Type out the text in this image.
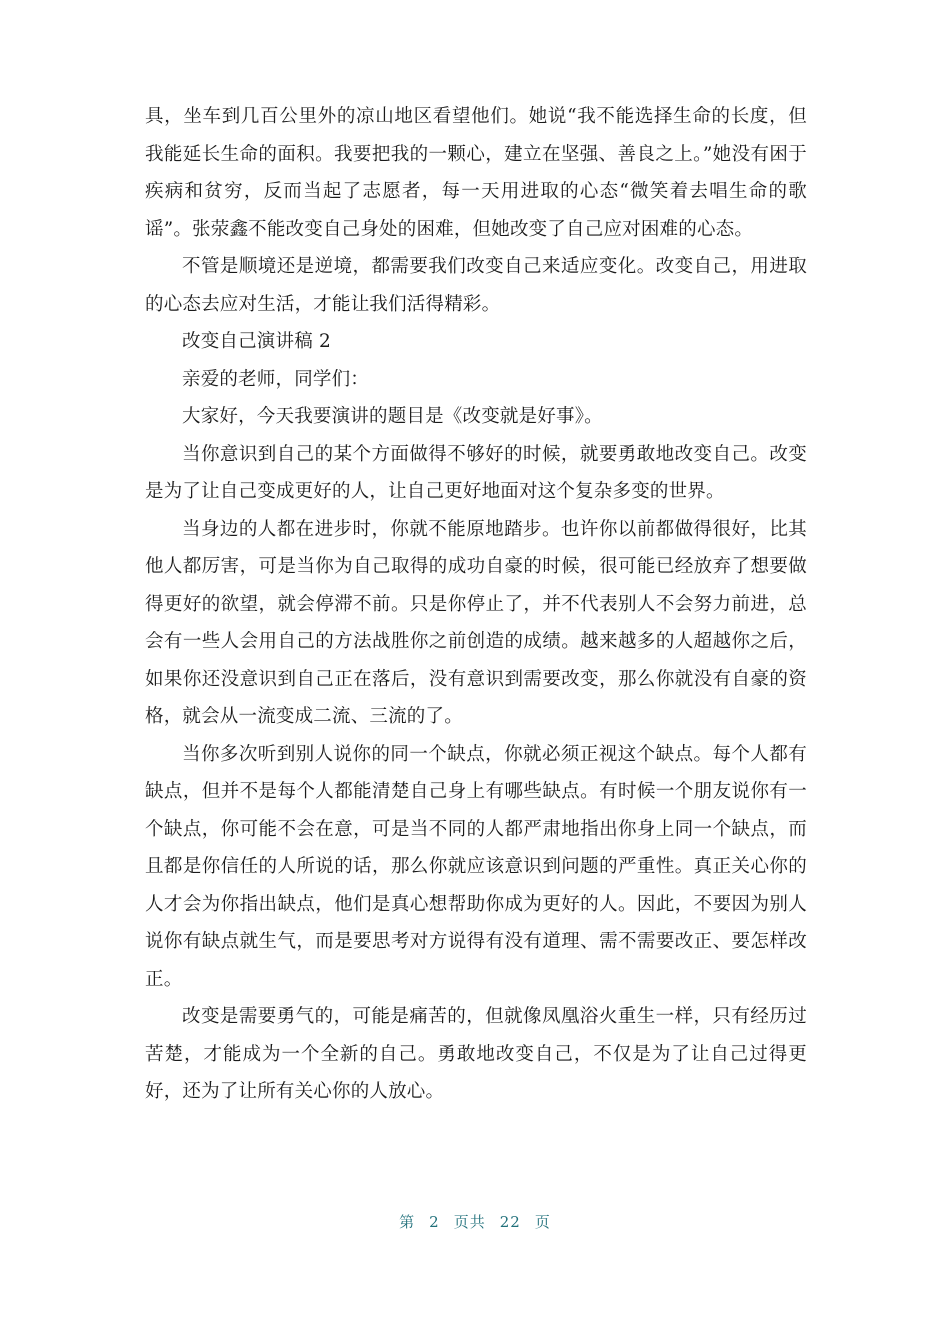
具，坐车到几百公里外的凉山地区看望他们。她说“我不能选择生命的长度，但我能延长生命的面积。我要把我的一颗心，建立在坚强、善良之上。”她没有困于疾病和贫穷，反而当起了志愿者，每一天用进取的心态“微笑着去唱生命的歌谣”。张荥鑫不能改变自己身处的困难，但她改变了自己应对困难的心态。

不管是顺境还是逆境，都需要我们改变自己来适应变化。改变自己，用进取的心态去应对生活，才能让我们活得精彩。

改变自己演讲稿 2

亲爱的老师，同学们：

大家好，今天我要演讲的题目是《改变就是好事》。

当你意识到自己的某个方面做得不够好的时候，就要勇敢地改变自己。改变是为了让自己变成更好的人，让自己更好地面对这个复杂多变的世界。

当身边的人都在进步时，你就不能原地踏步。也许你以前都做得很好，比其他人都厉害，可是当你为自己取得的成功自豪的时候，很可能已经放弃了想要做得更好的欲望，就会停滞不前。只是你停止了，并不代表别人不会努力前进，总会有一些人会用自己的方法战胜你之前创造的成绩。越来越多的人超越你之后，如果你还没意识到自己正在落后，没有意识到需要改变，那么你就没有自豪的资格，就会从一流变成二流、三流的了。

当你多次听到别人说你的同一个缺点，你就必须正视这个缺点。每个人都有缺点，但并不是每个人都能清楚自己身上有哪些缺点。有时候一个朋友说你有一个缺点，你可能不会在意，可是当不同的人都严肃地指出你身上同一个缺点，而且都是你信任的人所说的话，那么你就应该意识到问题的严重性。真正关心你的人才会为你指出缺点，他们是真心想帮助你成为更好的人。因此，不要因为别人说你有缺点就生气，而是要思考对方说得有没有道理、需不需要改正、要怎样改正。

改变是需要勇气的，可能是痛苦的，但就像凤凰浴火重生一样，只有经历过苦楚，才能成为一个全新的自己。勇敢地改变自己，不仅是为了让自己过得更好，还为了让所有关心你的人放心。

第 2 页共 22 页
